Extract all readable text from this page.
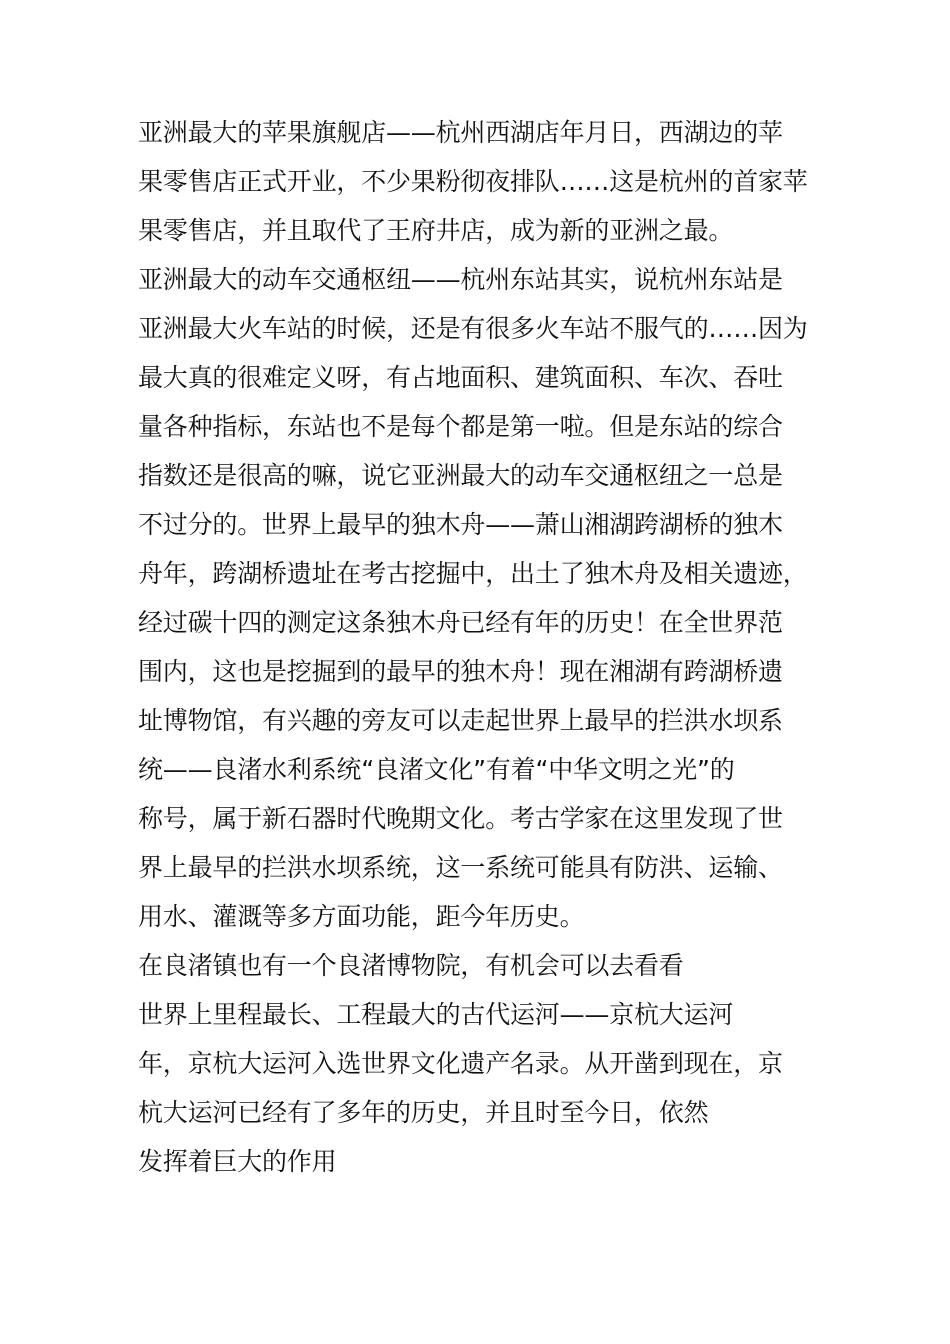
亚洲最大的苹果旗舰店——杭州西湖店年月日，西湖边的苹
果零售店正式开业，不少果粉彻夜排队……这是杭州的首家苹
果零售店，并且取代了王府井店，成为新的亚洲之最。
亚洲最大的动车交通枢纽——杭州东站其实，说杭州东站是
亚洲最大火车站的时候，还是有很多火车站不服气的……因为
最大真的很难定义呀，有占地面积、建筑面积、车次、吞吐
量各种指标，东站也不是每个都是第一啦。但是东站的综合
指数还是很高的嘛，说它亚洲最大的动车交通枢纽之一总是
不过分的。世界上最早的独木舟——萧山湘湖跨湖桥的独木
舟年，跨湖桥遗址在考古挖掘中，出土了独木舟及相关遗迹，
经过碳十四的测定这条独木舟已经有年的历史！在全世界范
围内，这也是挖掘到的最早的独木舟！现在湘湖有跨湖桥遗
址博物馆，有兴趣的旁友可以走起世界上最早的拦洪水坝系
统——良渚水利系统“良渚文化”有着“中华文明之光”的
称号，属于新石器时代晚期文化。考古学家在这里发现了世
界上最早的拦洪水坝系统，这一系统可能具有防洪、运输、
用水、灌溉等多方面功能，距今年历史。
在良渚镇也有一个良渚博物院，有机会可以去看看
世界上里程最长、工程最大的古代运河——京杭大运河
年，京杭大运河入选世界文化遗产名录。从开凿到现在，京
杭大运河已经有了多年的历史，并且时至今日，依然
发挥着巨大的作用
